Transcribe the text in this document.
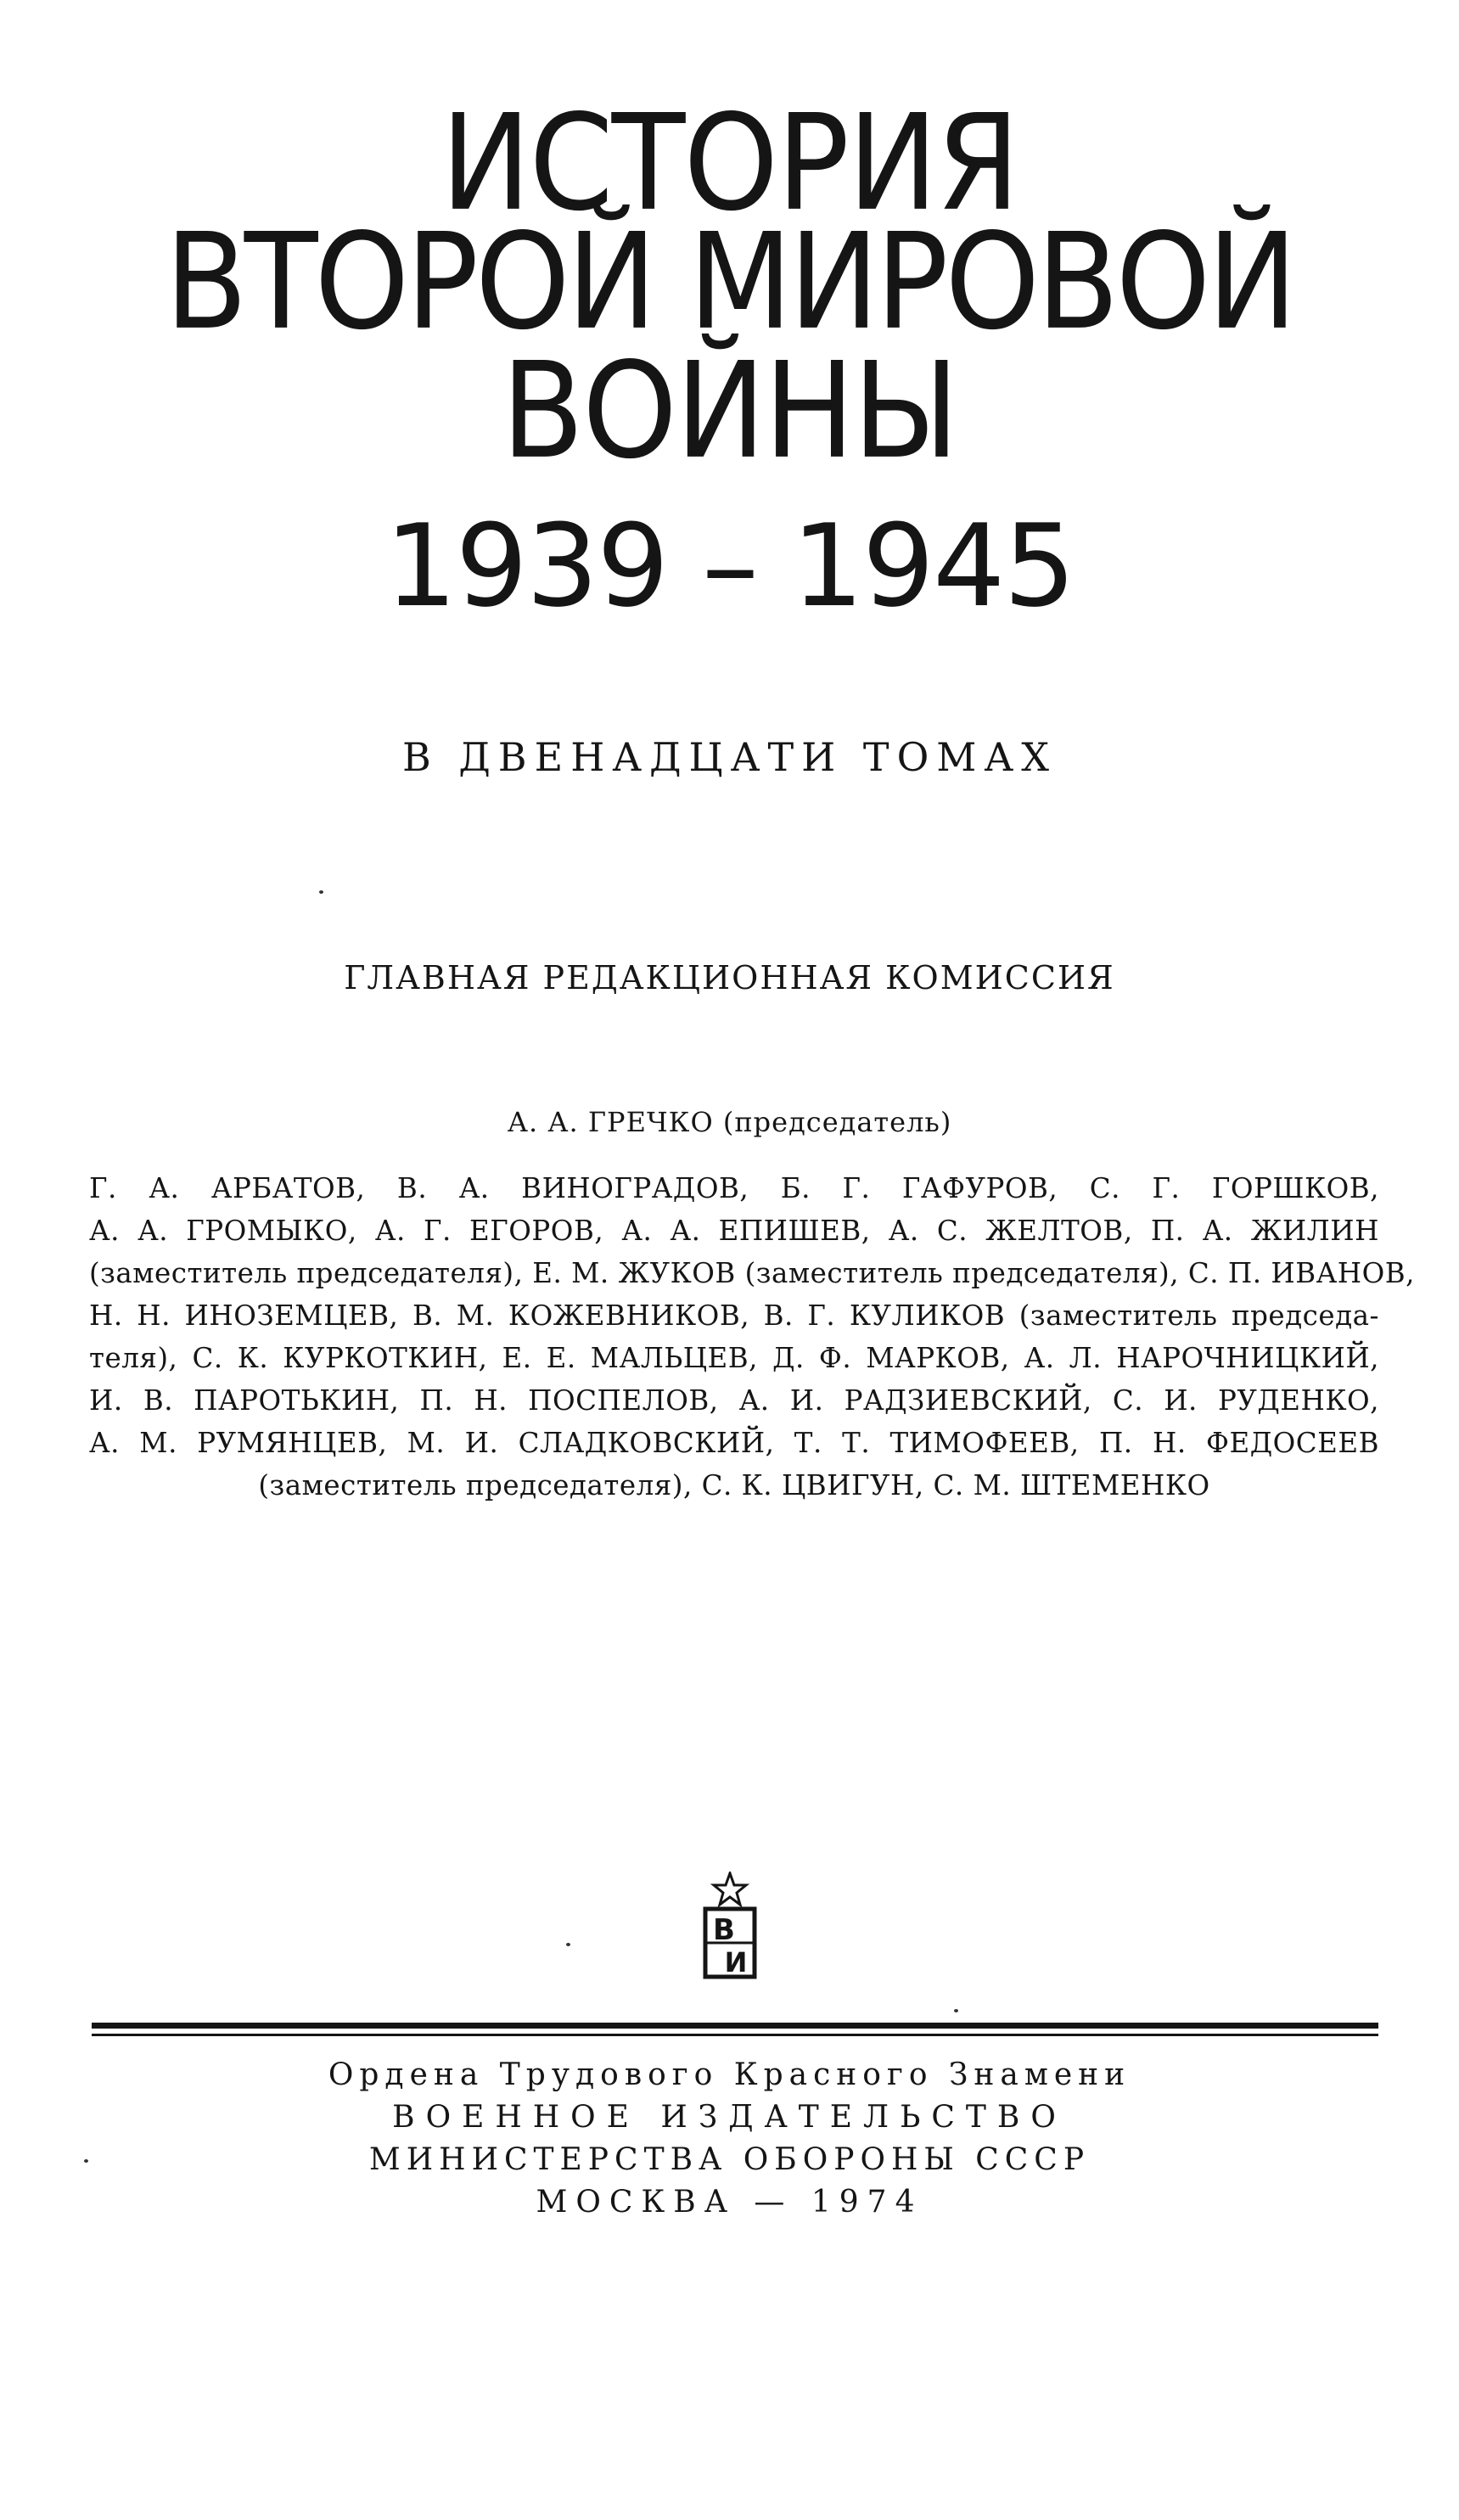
ИСТОРИЯ
ВТОРОЙ МИРОВОЙ
ВОЙНЫ
1939 – 1945
В ДВЕНАДЦАТИ ТОМАХ
ГЛАВНАЯ РЕДАКЦИОННАЯ КОМИССИЯ
А. А. ГРЕЧКО (председатель)
Г. А. АРБАТОВ, В. А. ВИНОГРАДОВ, Б. Г. ГАФУРОВ, С. Г. ГОРШКОВ,
А. А. ГРОМЫКО, А. Г. ЕГОРОВ, А. А. ЕПИШЕВ, А. С. ЖЕЛТОВ, П. А. ЖИЛИН
(заместитель председателя), Е. М. ЖУКОВ (заместитель председателя), С. П. ИВАНОВ,
Н. Н. ИНОЗЕМЦЕВ, В. М. КОЖЕВНИКОВ, В. Г. КУЛИКОВ (заместитель председа-
теля), С. К. КУРКОТКИН, Е. Е. МАЛЬЦЕВ, Д. Ф. МАРКОВ, А. Л. НАРОЧНИЦКИЙ,
И. В. ПАРОТЬКИН, П. Н. ПОСПЕЛОВ, А. И. РАДЗИЕВСКИЙ, С. И. РУДЕНКО,
А. М. РУМЯНЦЕВ, М. И. СЛАДКОВСКИЙ, Т. Т. ТИМОФЕЕВ, П. Н. ФЕДОСЕЕВ
(заместитель председателя), С. К. ЦВИГУН, С. М. ШТЕМЕНКО
В
И
Ордена Трудового Красного Знамени
ВОЕННОЕ ИЗДАТЕЛЬСТВО
МИНИСТЕРСТВА ОБОРОНЫ СССР
МОСКВА — 1974
